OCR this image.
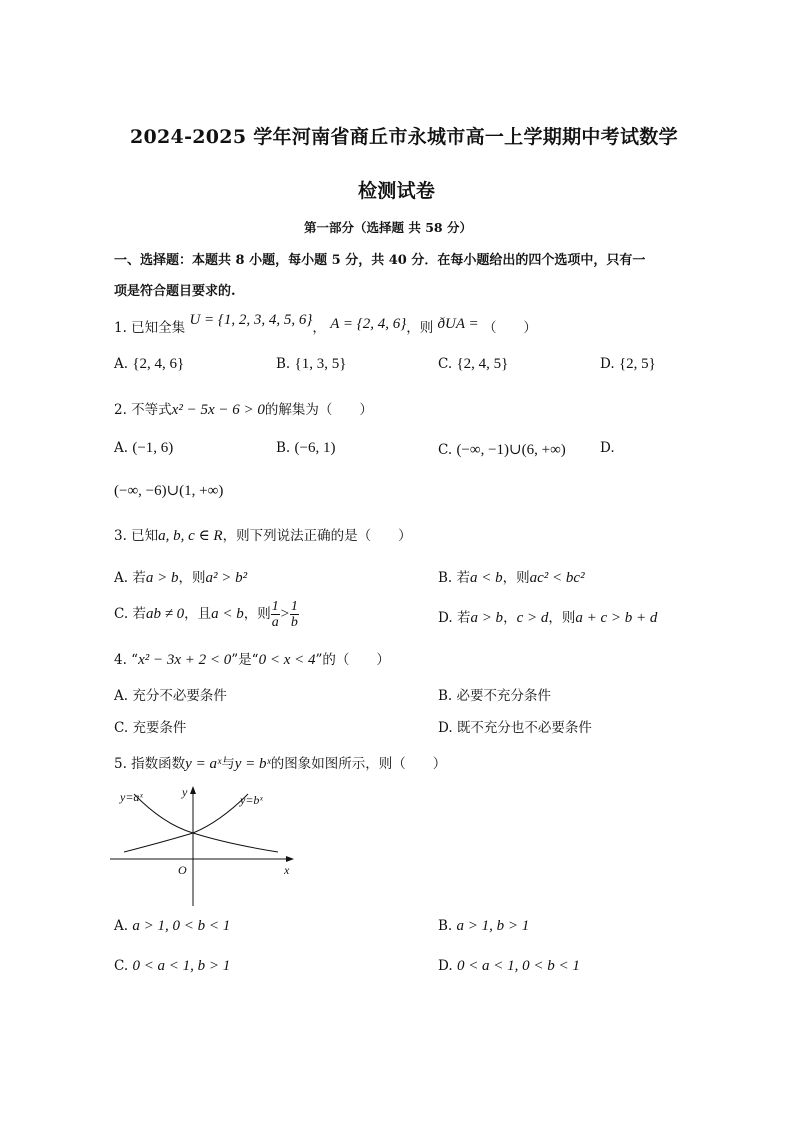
2024-2025 学年河南省商丘市永城市高一上学期期中考试数学
检测试卷
第一部分（选择题 共 58 分）
一、选择题：本题共 8 小题，每小题 5 分，共 40 分．在每小题给出的四个选项中，只有一
项是符合题目要求的.
1. 已知全集 U = {1, 2, 3, 4, 5, 6}， A = {2, 4, 6}，则 ðUA = （　　）
A. {2, 4, 6}	B. {1, 3, 5}	C. {2, 4, 5}	D. {2, 5}
2. 不等式x² − 5x − 6 > 0的解集为（　　）
A. (−1, 6)	B. (−6, 1)	C. (−∞, −1)∪(6, +∞)	D.
(−∞, −6)∪(1, +∞)
3. 已知a, b, c ∈ R，则下列说法正确的是（　　）
A. 若a > b，则a² > b²	B. 若a < b，则ac² < bc²
C. 若ab ≠ 0，且a < b，则 $\frac{1}{a} > \frac{1}{b}$	D. 若a > b，c > d，则a + c > b + d
4. “x² − 3x + 2 < 0”是“0 < x < 4”的（　　）
A. 充分不必要条件	B. 必要不充分条件
C. 充要条件	D. 既不充分也不必要条件
5. 指数函数y = aˣ与y = bˣ的图象如图所示，则（　　）
y=aˣ	y=bˣ
y
x
O
A. a > 1, 0 < b < 1	B. a > 1, b > 1
C. 0 < a < 1, b > 1	D. 0 < a < 1, 0 < b < 1
